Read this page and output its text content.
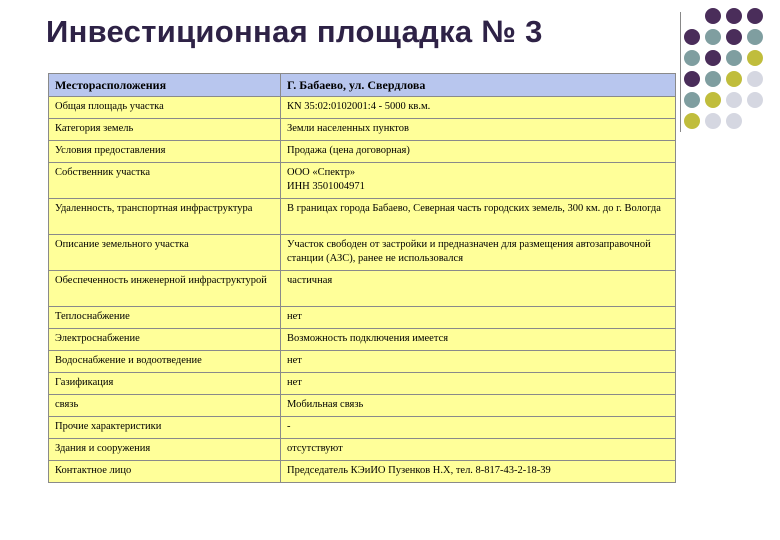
Инвестиционная площадка № 3
Месторасположения	Г. Бабаево, ул. Свердлова
Общая площадь участка	КN 35:02:0102001:4 - 5000 кв.м.
Категория земель	Земли населенных пунктов
Условия предоставления	Продажа (цена договорная)
Собственник участка	ООО «Спектр»
ИНН 3501004971
Удаленность, транспортная инфраструктура	В границах города Бабаево, Северная часть городских земель, 300 км. до г. Вологда
Описание земельного участка	Участок свободен от застройки и предназначен для размещения автозаправочной станции (АЗС), ранее не использовался
Обеспеченность инженерной инфраструктурой	частичная
Теплоснабжение	нет
Электроснабжение	Возможность подключения имеется
Водоснабжение и водоотведение	нет
Газификация	нет
связь	Мобильная связь
Прочие характеристики	-
Здания и сооружения	отсутствуют
Контактное лицо	Председатель КЭиИО Пузенков Н.Х, тел. 8-817-43-2-18-39
